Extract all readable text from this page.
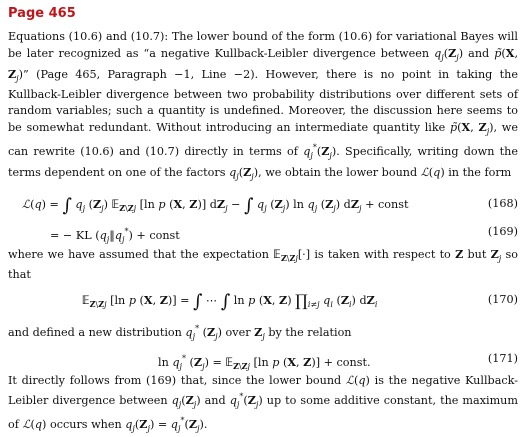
Page 465

Equations (10.6) and (10.7): The lower bound of the form (10.6) for variational Bayes will be later recognized as “a negative Kullback-Leibler divergence between $q_j(Z_j)$ and p̃(X, $Z_j$)” (Page 465, Paragraph −1, Line −2). However, there is no point in taking the Kullback-Leibler divergence between two probability distributions over different sets of random variables; such a quantity is undefined. Moreover, the discussion here seems to be somewhat redundant. Without introducing an intermediate quantity like p̃(X, $Z_j$), we can rewrite (10.6) and (10.7) directly in terms of $q_j^*(Z_j)$. Specifically, writing down the terms dependent on one of the factors $q_j(Z_j)$, we obtain the lower bound ℒ(q) in the form

ℒ(q) = ∫ $q_j$ $(Z_j)$ 𝔼$_{Z\backslash Zj}$ [ln p (X, Z)] $dZ_j$ − ∫ $q_j$ $(Z_j)$ $\ln q_j$ $(Z_j) dZ_j$ + const	(168)
= − KL $(q_j‖q_j^*)$ + const	(169)

where we have assumed that the expectation 𝔼$_{Z\backslash Zj}$[·] is taken with respect to Z but $Z_j$ so that

𝔼$_{Z\backslash Zj}$ [ln p (X, Z)] = ∫ ⋯ ∫ ln p (X, Z) $\prod_{i\ne j}$ $q_i$ $(Z_i)$ $dZ_i$	(170)

and defined a new distribution $q_j^*$ $(Z_j)$ over $Z_j$ by the relation

$\ln q_j^*$ $(Z_j)$ = 𝔼$_{Z\backslash Zj}$ [ln p (X, Z)] + const.	(171)

It directly follows from (169) that, since the lower bound ℒ(q) is the negative Kullback-Leibler divergence between $q_j(Z_j)$ and $q_j^*(Z_j)$ up to some additive constant, the maximum of ℒ(q) occurs when $q_j(Z_j) = q_j^*(Z_j)$.
